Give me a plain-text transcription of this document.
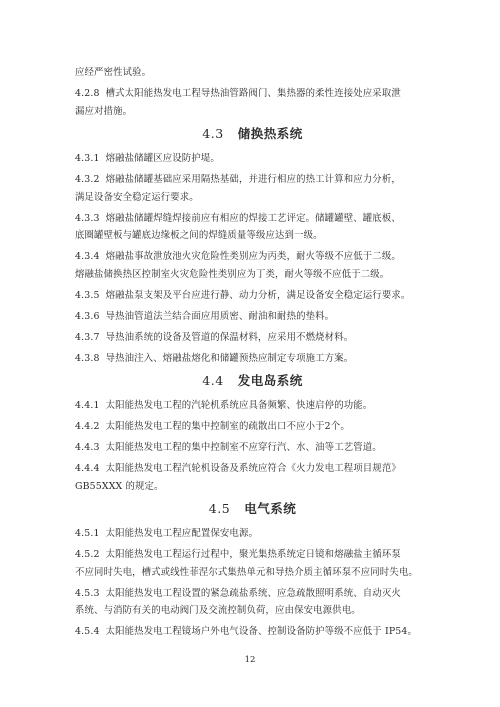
应经严密性试验。
4.2.8 槽式太阳能热发电工程导热油管路阀门、集热器的柔性连接处应采取泄
漏应对措施。
4.3 储换热系统
4.3.1 熔融盐储罐区应设防护堤。
4.3.2 熔融盐储罐基础应采用隔热基础，并进行相应的热工计算和应力分析，
满足设备安全稳定运行要求。
4.3.3 熔融盐储罐焊缝焊接前应有相应的焊接工艺评定。储罐罐壁、罐底板、
底圈罐壁板与罐底边缘板之间的焊缝质量等级应达到一级。
4.3.4 熔融盐事故泄放池火灾危险性类别应为丙类，耐火等级不应低于二级。
熔融盐储换热区控制室火灾危险性类别应为丁类，耐火等级不应低于二级。
4.3.5 熔融盐泵支架及平台应进行静、动力分析，满足设备安全稳定运行要求。
4.3.6 导热油管道法兰结合面应用质密、耐油和耐热的垫料。
4.3.7 导热油系统的设备及管道的保温材料，应采用不燃烧材料。
4.3.8 导热油注入、熔融盐熔化和储罐预热应制定专项施工方案。
4.4 发电岛系统
4.4.1 太阳能热发电工程的汽轮机系统应具备频繁、快速启停的功能。
4.4.2 太阳能热发电工程的集中控制室的疏散出口不应小于2个。
4.4.3 太阳能热发电工程的集中控制室不应穿行汽、水、油等工艺管道。
4.4.4 太阳能热发电工程汽轮机设备及系统应符合《火力发电工程项目规范》
GB55XXX 的规定。
4.5 电气系统
4.5.1 太阳能热发电工程应配置保安电源。
4.5.2 太阳能热发电工程运行过程中，聚光集热系统定日镜和熔融盐主循环泵
不应同时失电，槽式或线性菲涅尔式集热单元和导热介质主循环泵不应同时失电。
4.5.3 太阳能热发电工程设置的紧急疏盐系统、应急疏散照明系统、自动灭火
系统、与消防有关的电动阀门及交流控制负荷，应由保安电源供电。
4.5.4 太阳能热发电工程镜场户外电气设备、控制设备防护等级不应低于 IP54。
12
